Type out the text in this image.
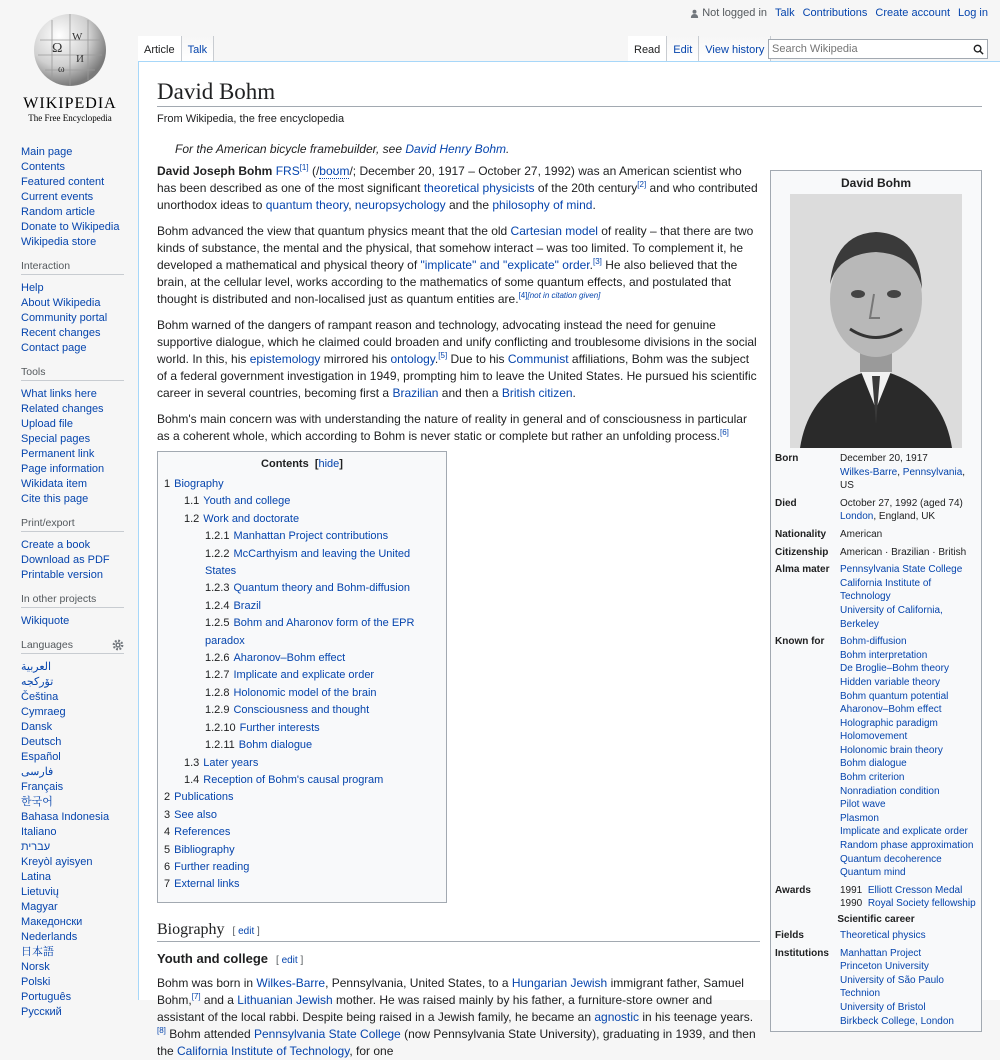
Not logged in Talk Contributions Create account Log in
Ω
W
И
ω
WIKIPEDIA
The Free Encyclopedia
Main page
Contents
Featured content
Current events
Random article
Donate to Wikipedia
Wikipedia store
Interaction
Help
About Wikipedia
Community portal
Recent changes
Contact page
Tools
What links here
Related changes
Upload file
Special pages
Permanent link
Page information
Wikidata item
Cite this page
Print/export
Create a book
Download as PDF
Printable version
In other projects
Wikiquote
Languages
العربية
تۆرکجه
Čeština
Cymraeg
Dansk
Deutsch
Español
فارسی
Français
한국어
Bahasa Indonesia
Italiano
עברית
Kreyòl ayisyen
Latina
Lietuvių
Magyar
Македонски
Nederlands
日本語
Norsk
Polski
Português
Русский
Article	Talk	Read	Edit	View history
Search Wikipedia
David Bohm
From Wikipedia, the free encyclopedia
For the American bicycle framebuilder, see David Henry Bohm.
David Bohm
Born	December 20, 1917
Wilkes-Barre, Pennsylvania, US
Died	October 27, 1992 (aged 74)
London, England, UK
Nationality	American
Citizenship	American · Brazilian · British
Alma mater	Pennsylvania State College
California Institute of Technology
University of California, Berkeley
Known for	Bohm-diffusion
Bohm interpretation
De Broglie–Bohm theory
Hidden variable theory
Bohm quantum potential
Aharonov–Bohm effect
Holographic paradigm
Holomovement
Holonomic brain theory
Bohm dialogue
Bohm criterion
Nonradiation condition
Pilot wave
Plasmon
Implicate and explicate order
Random phase approximation
Quantum decoherence
Quantum mind
Awards	1991 Elliott Cresson Medal
1990 Royal Society fellowship
Scientific career
Fields	Theoretical physics
Institutions	Manhattan Project
Princeton University
University of São Paulo
Technion
University of Bristol
Birkbeck College, London

David Joseph Bohm FRS[1] (/boʊm/; December 20, 1917 – October 27, 1992) was an American scientist who has been described as one of the most significant theoretical physicists of the 20th century[2] and who contributed unorthodox ideas to quantum theory, neuropsychology and the philosophy of mind.

Bohm advanced the view that quantum physics meant that the old Cartesian model of reality – that there are two kinds of substance, the mental and the physical, that somehow interact – was too limited. To complement it, he developed a mathematical and physical theory of "implicate" and "explicate" order.[3] He also believed that the brain, at the cellular level, works according to the mathematics of some quantum effects, and postulated that thought is distributed and non-localised just as quantum entities are.[4][not in citation given]

Bohm warned of the dangers of rampant reason and technology, advocating instead the need for genuine supportive dialogue, which he claimed could broaden and unify conflicting and troublesome divisions in the social world. In this, his epistemology mirrored his ontology.[5] Due to his Communist affiliations, Bohm was the subject of a federal government investigation in 1949, prompting him to leave the United States. He pursued his scientific career in several countries, becoming first a Brazilian and then a British citizen.

Bohm's main concern was with understanding the nature of reality in general and of consciousness in particular as a coherent whole, which according to Bohm is never static or complete but rather an unfolding process.[6]

Contents  [hide]
1 Biography
1.1 Youth and college
1.2 Work and doctorate
1.2.1 Manhattan Project contributions
1.2.2 McCarthyism and leaving the United States
1.2.3 Quantum theory and Bohm-diffusion
1.2.4 Brazil
1.2.5 Bohm and Aharonov form of the EPR paradox
1.2.6 Aharonov–Bohm effect
1.2.7 Implicate and explicate order
1.2.8 Holonomic model of the brain
1.2.9 Consciousness and thought
1.2.10 Further interests
1.2.11 Bohm dialogue
1.3 Later years
1.4 Reception of Bohm's causal program
2 Publications
3 See also
4 References
5 Bibliography
6 Further reading
7 External links
Biography [ edit ]
Youth and college [ edit ]

Bohm was born in Wilkes-Barre, Pennsylvania, United States, to a Hungarian Jewish immigrant father, Samuel Bohm,[7] and a Lithuanian Jewish mother. He was raised mainly by his father, a furniture-store owner and assistant of the local rabbi. Despite being raised in a Jewish family, he became an agnostic in his teenage years.[8] Bohm attended Pennsylvania State College (now Pennsylvania State University), graduating in 1939, and then the California Institute of Technology, for one
